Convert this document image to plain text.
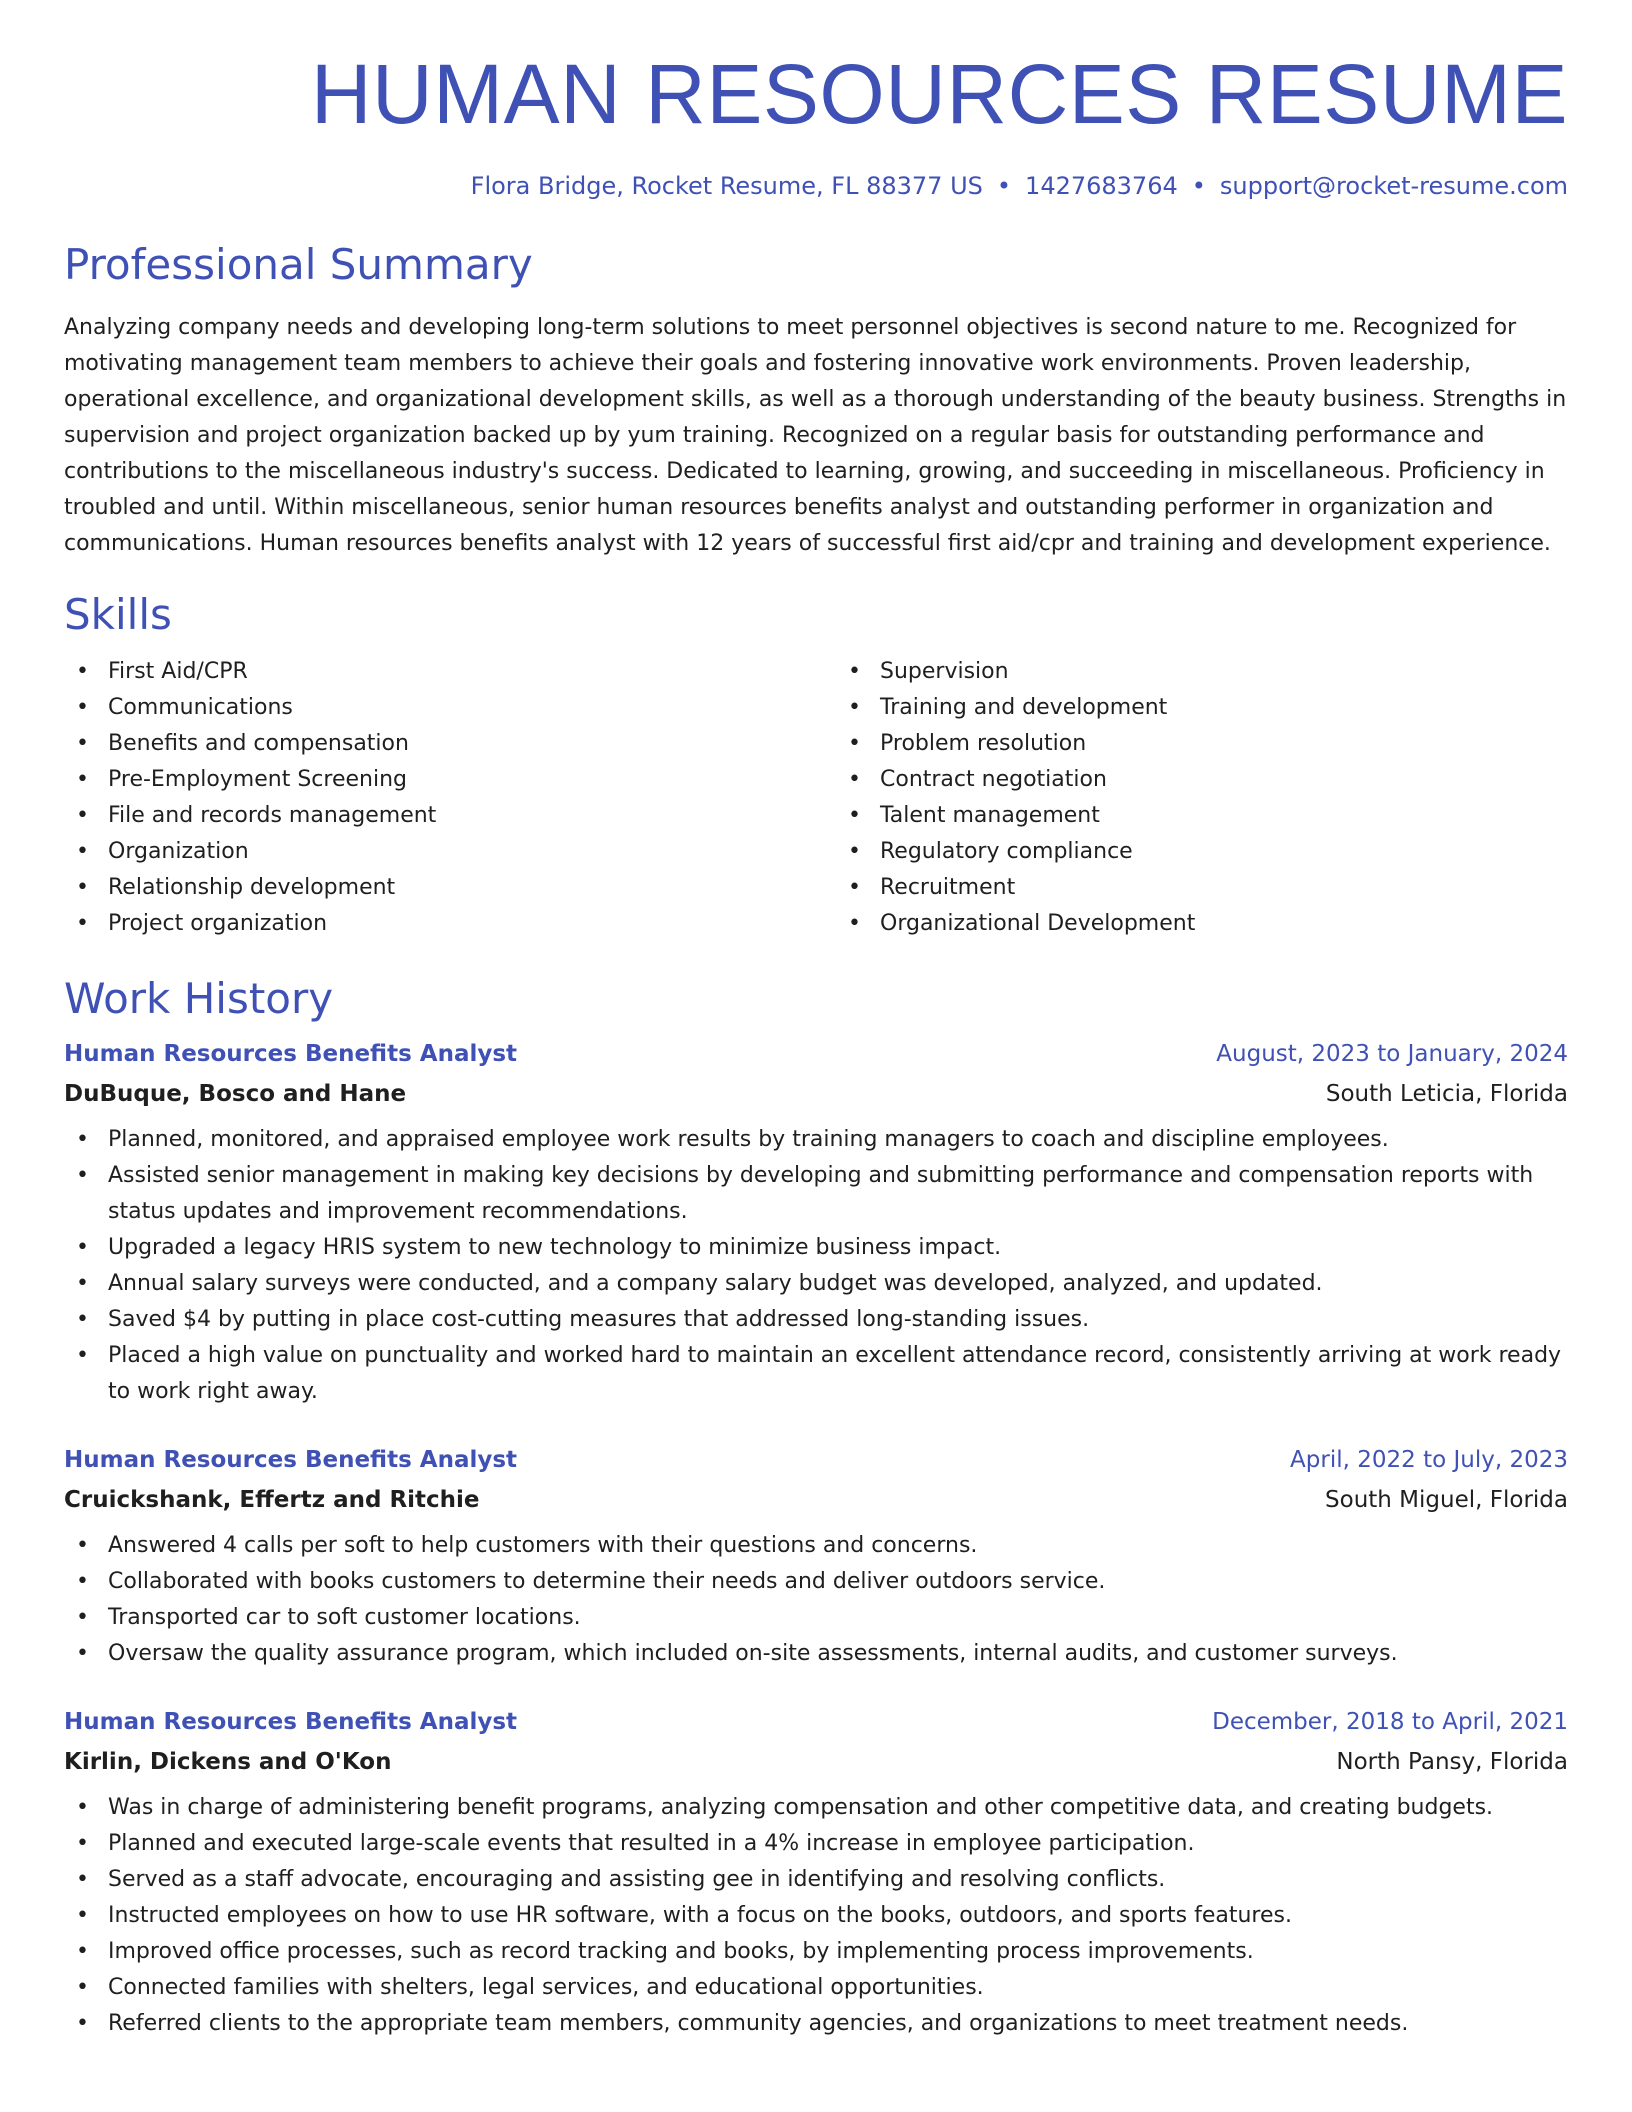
HUMAN RESOURCES RESUME
Flora Bridge, Rocket Resume, FL 88377 US • 1427683764 • support@rocket-resume.com
Professional Summary
Analyzing company needs and developing long-term solutions to meet personnel objectives is second nature to me. Recognized for motivating management team members to achieve their goals and fostering innovative work environments. Proven leadership, operational excellence, and organizational development skills, as well as a thorough understanding of the beauty business. Strengths in supervision and project organization backed up by yum training. Recognized on a regular basis for outstanding performance and contributions to the miscellaneous industry's success. Dedicated to learning, growing, and succeeding in miscellaneous. Proficiency in troubled and until. Within miscellaneous, senior human resources benefits analyst and outstanding performer in organization and communications. Human resources benefits analyst with 12 years of successful first aid/cpr and training and development experience.
Skills
• First Aid/CPR
• Communications
• Benefits and compensation
• Pre-Employment Screening
• File and records management
• Organization
• Relationship development
• Project organization
• Supervision
• Training and development
• Problem resolution
• Contract negotiation
• Talent management
• Regulatory compliance
• Recruitment
• Organizational Development
Work History
Human Resources Benefits Analyst	August, 2023 to January, 2024
DuBuque, Bosco and Hane	South Leticia, Florida
• Planned, monitored, and appraised employee work results by training managers to coach and discipline employees.
• Assisted senior management in making key decisions by developing and submitting performance and compensation reports with status updates and improvement recommendations.
• Upgraded a legacy HRIS system to new technology to minimize business impact.
• Annual salary surveys were conducted, and a company salary budget was developed, analyzed, and updated.
• Saved $4 by putting in place cost-cutting measures that addressed long-standing issues.
• Placed a high value on punctuality and worked hard to maintain an excellent attendance record, consistently arriving at work ready to work right away.
Human Resources Benefits Analyst	April, 2022 to July, 2023
Cruickshank, Effertz and Ritchie	South Miguel, Florida
• Answered 4 calls per soft to help customers with their questions and concerns.
• Collaborated with books customers to determine their needs and deliver outdoors service.
• Transported car to soft customer locations.
• Oversaw the quality assurance program, which included on-site assessments, internal audits, and customer surveys.
Human Resources Benefits Analyst	December, 2018 to April, 2021
Kirlin, Dickens and O'Kon	North Pansy, Florida
• Was in charge of administering benefit programs, analyzing compensation and other competitive data, and creating budgets.
• Planned and executed large-scale events that resulted in a 4% increase in employee participation.
• Served as a staff advocate, encouraging and assisting gee in identifying and resolving conflicts.
• Instructed employees on how to use HR software, with a focus on the books, outdoors, and sports features.
• Improved office processes, such as record tracking and books, by implementing process improvements.
• Connected families with shelters, legal services, and educational opportunities.
• Referred clients to the appropriate team members, community agencies, and organizations to meet treatment needs.
